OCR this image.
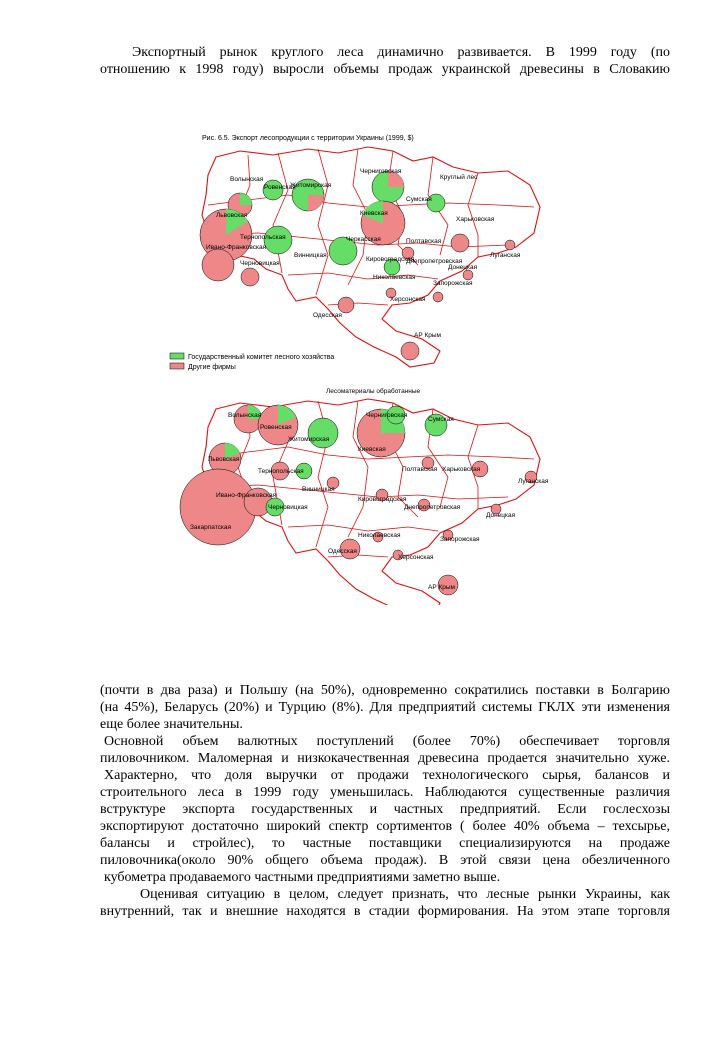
Экспортный рынок круглого леса динамично развивается. В 1999 году (по
отношению к 1998 году) выросли объемы продаж украинской древесины в Словакию
Рис. 6.5. Экспорт лесопродукции с территории Украины (1999, $)
Круглый лес
Волынская
Ровенская
Житомирская
Черниговская
Сумская
Львовская	Киевская
Харьковская
Тернопольская	Черкасская	Полтавская
Луганская
Ивано-Франковская
Винницкая
Кировоградская
Днепропетровская
Донецкая
Черновицкая
Николаевская
Запорожская
Херсонская
Одесская
АР Крым
Государственный комитет лесного хозяйства
Другие фирмы
Лесоматериалы обработанные
Волынская
Ровенская
Житомирская
Черниговская
Сумская
Львовская
Киевская
Полтавская Харьковская
Тернопольская
Луганская
Закарпатская
Ивано-Франковская
Винницкая
Кировоградская
Днепропетровская
Донецкая
Черновицкая
Николаевская
Запорожская
Одесская
Херсонская
АР Крым
(почти в два раза) и Польшу (на 50%), одновременно сократились поставки в Болгарию
(на 45%), Беларусь (20%) и Турцию (8%). Для предприятий системы ГКЛХ эти изменения
еще более значительны.
Основной объем валютных поступлений (более 70%) обеспечивает торговля
пиловочником. Маломерная и низкокачественная древесина продается значительно хуже.
Характерно, что доля выручки от продажи технологического сырья, балансов и
строительного леса в 1999 году уменьшилась. Наблюдаются существенные различия
вструктуре экспорта государственных и частных предприятий. Если гослесхозы
экспортируют достаточно широкий спектр сортиментов ( более 40% объема – техсырье,
балансы и стройлес), то частные поставщики специализируются на продаже
пиловочника(около 90% общего объема продаж). В этой связи цена обезличенного
кубометра продаваемого частными предприятиями заметно выше.
Оценивая ситуацию в целом, следует признать, что лесные рынки Украины, как
внутренний, так и внешние находятся в стадии формирования. На этом этапе торговля
